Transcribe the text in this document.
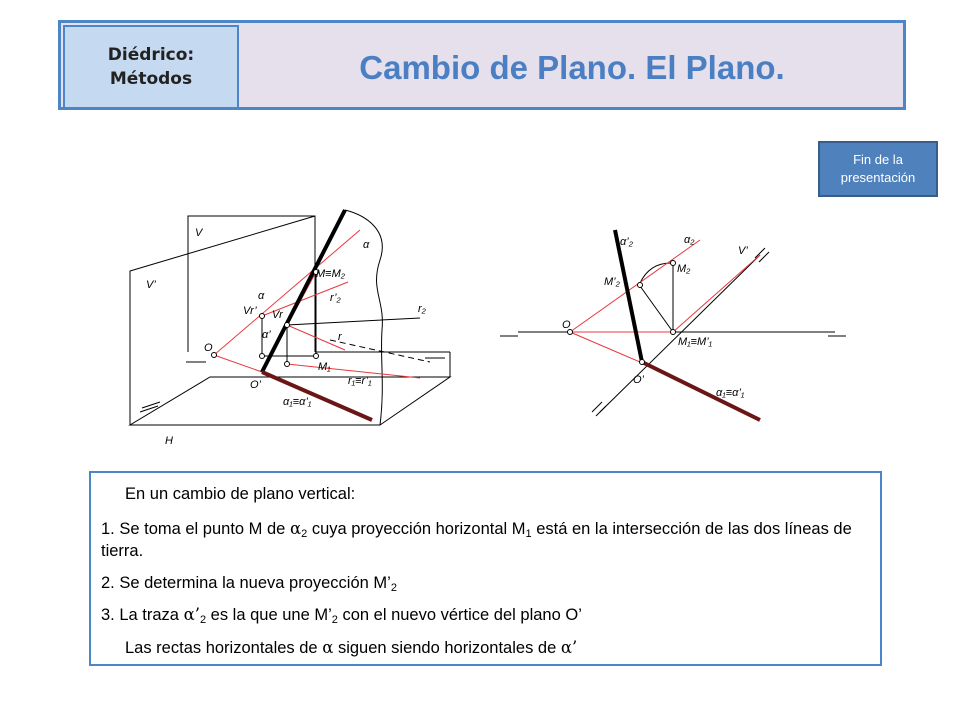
Diédrico:
Métodos	Cambio de Plano. El Plano.
Fin de la presentación
V
V’
H
O
O’
α
α
α’
α₁≡α’₁
M≡M₂
r’₂
r₂
r
M₁
r₁≡r’₁
Vr’ Vr
α’₂	α₂
V’
M’₂
M₂
O
M₁≡M’₁
O’
α₁≡α’₁
En un cambio de plano vertical:
1. Se toma el punto M de $\alpha_2$ cuya proyección horizontal $M_1$ está en la intersección de las dos líneas de tierra.
2. Se determina la nueva proyección $M’_2$
3. La traza $\alpha’_2$ es la que une $M’_2$ con el nuevo vértice del plano O’
Las rectas horizontales de α siguen siendo horizontales de α’
